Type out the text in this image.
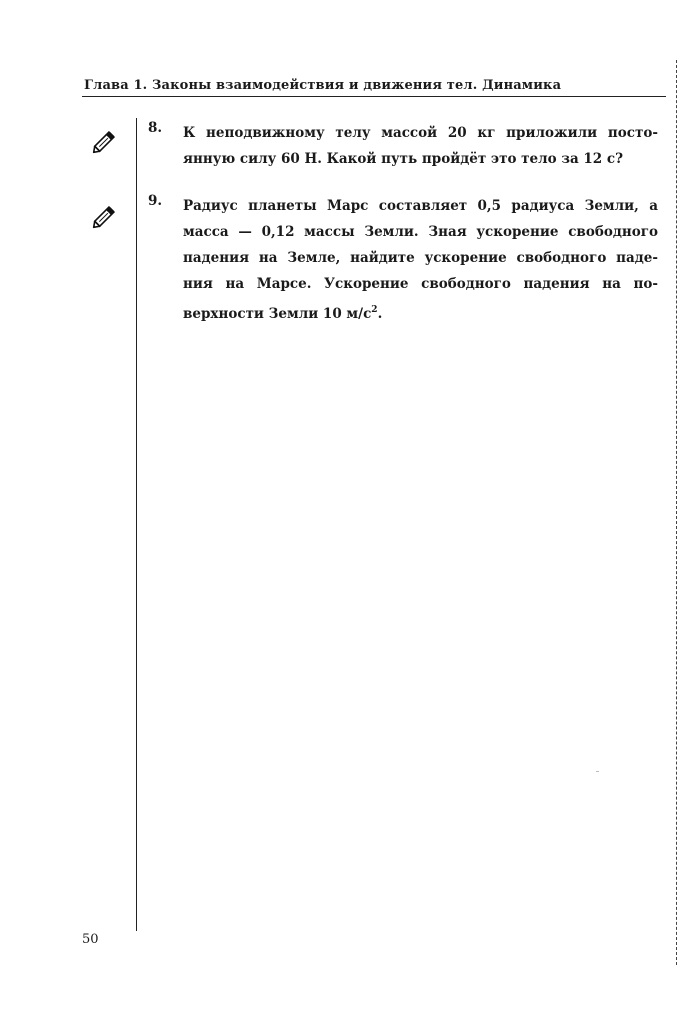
Глава 1. Законы взаимодействия и движения тел. Динамика
8. К неподвижному телу массой 20 кг приложили посто-
янную силу 60 Н. Какой путь пройдёт это тело за 12 с?
9. Радиус планеты Марс составляет 0,5 радиуса Земли, а
масса — 0,12 массы Земли. Зная ускорение свободного
падения на Земле, найдите ускорение свободного паде-
ния на Марсе. Ускорение свободного падения на по-
верхности Земли 10 $м/с^2$.
50
